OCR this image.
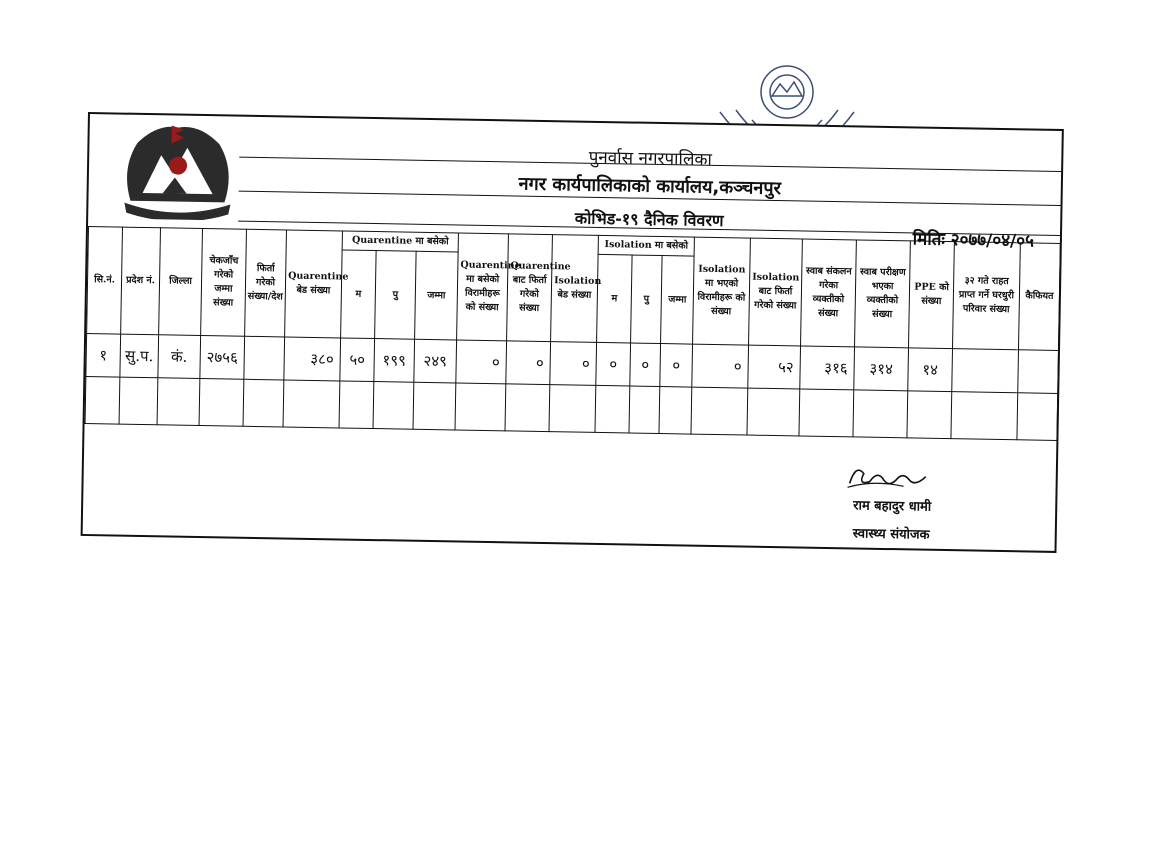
पुनर्वास नगरपालिका
नगर कार्यपालिकाको कार्यालय,कञ्चनपुर
कोभिड-१९ दैनिक विवरण
मितिः २०७७/०४/०५
सि.नं.	प्रदेश नं.	जिल्ला	चेकजाँच गरेको जम्मा संख्या	फिर्ता गरेको संख्या/देश	Quarentine बेड संख्या	Quarentine मा बसेको			Quarentine मा बसेको विरामीहरू को संख्या	Quarentine बाट फिर्ता गरेको संख्या	Isolation बेड संख्या	Isolation मा बसेको			Isolation मा भएको विरामीहरू को संख्या	Isolation बाट फिर्ता गरेको संख्या	स्वाब संकलन गरेका व्यक्तीको संख्या	स्वाब परीक्षण भएका व्यक्तीको संख्या	PPE को संख्या	३२ गते राहत प्राप्त गर्ने घरधुरी परिवार संख्या	कैफियत
						म	पु	जम्मा				म	पु	जम्मा							
१	सु.प.	कं.	२७५६		३८०	५०	१९९	२४९	०	०	०	०	०	०	०	५२	३१६	३१४	१४		

राम बहादुर धामी
स्वास्थ्य संयोजक
